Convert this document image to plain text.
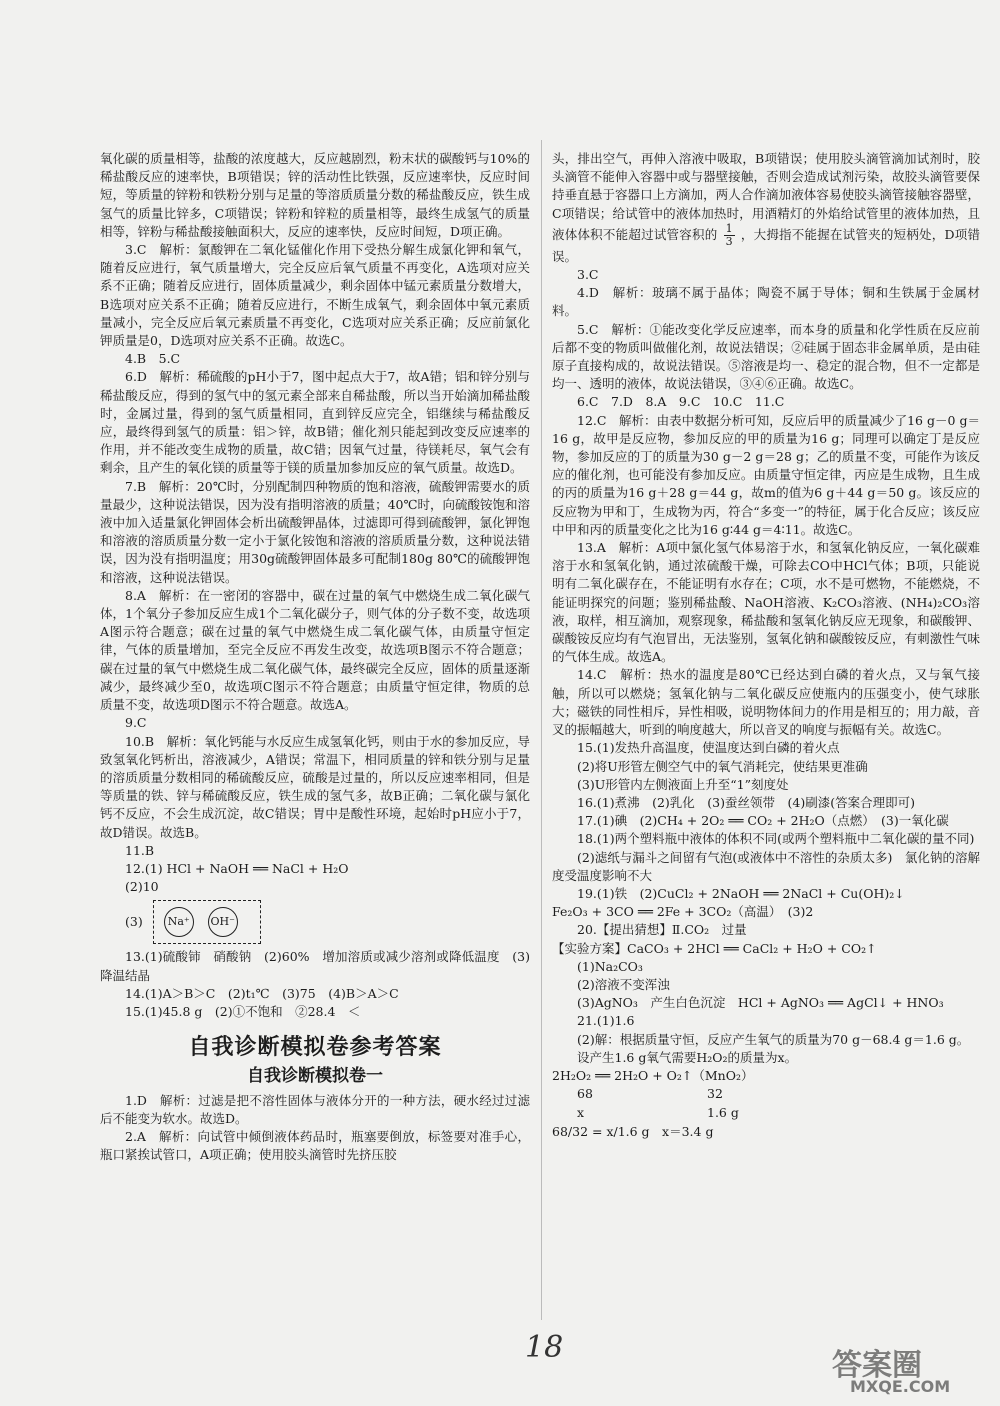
氧化碳的质量相等，盐酸的浓度越大，反应越剧烈，粉末状的碳酸钙与10%的稀盐酸反应的速率快，B项错误；锌的活动性比铁强，反应速率快，反应时间短，等质量的锌粉和铁粉分别与足量的等溶质质量分数的稀盐酸反应，铁生成氢气的质量比锌多，C项错误；锌粉和锌粒的质量相等，最终生成氢气的质量相等，锌粉与稀盐酸接触面积大，反应的速率快，反应时间短，D项正确。

3.C　解析：氯酸钾在二氧化锰催化作用下受热分解生成氯化钾和氧气，随着反应进行，氧气质量增大，完全反应后氧气质量不再变化，A选项对应关系不正确；随着反应进行，固体质量减少，剩余固体中锰元素质量分数增大，B选项对应关系不正确；随着反应进行，不断生成氧气，剩余固体中氧元素质量减小，完全反应后氧元素质量不再变化，C选项对应关系正确；反应前氯化钾质量是0，D选项对应关系不正确。故选C。

4.B　5.C

6.D　解析：稀硫酸的pH小于7，图中起点大于7，故A错；铝和锌分别与稀盐酸反应，得到的氢气中的氢元素全部来自稀盐酸，所以当开始滴加稀盐酸时，金属过量，得到的氢气质量相同，直到锌反应完全，铝继续与稀盐酸反应，最终得到氢气的质量：铝＞锌，故B错；催化剂只能起到改变反应速率的作用，并不能改变生成物的质量，故C错；因氧气过量，待镁耗尽，氧气会有剩余，且产生的氧化镁的质量等于镁的质量加参加反应的氧气质量。故选D。

7.B　解析：20℃时，分别配制四种物质的饱和溶液，硫酸钾需要水的质量最少，这种说法错误，因为没有指明溶液的质量；40℃时，向硫酸铵饱和溶液中加入适量氯化钾固体会析出硫酸钾晶体，过滤即可得到硫酸钾，氯化钾饱和溶液的溶质质量分数一定小于氯化铵饱和溶液的溶质质量分数，这种说法错误，因为没有指明温度；用30g硫酸钾固体最多可配制180g 80℃的硫酸钾饱和溶液，这种说法错误。

8.A　解析：在一密闭的容器中，碳在过量的氧气中燃烧生成二氧化碳气体，1个氧分子参加反应生成1个二氧化碳分子，则气体的分子数不变，故选项A图示符合题意；碳在过量的氧气中燃烧生成二氧化碳气体，由质量守恒定律，气体的质量增加，至完全反应不再发生改变，故选项B图示不符合题意；碳在过量的氧气中燃烧生成二氧化碳气体，最终碳完全反应，固体的质量逐渐减少，最终减少至0，故选项C图示不符合题意；由质量守恒定律，物质的总质量不变，故选项D图示不符合题意。故选A。

9.C

10.B　解析：氧化钙能与水反应生成氢氧化钙，则由于水的参加反应，导致氢氧化钙析出，溶液减少，A错误；常温下，相同质量的锌和铁分别与足量的溶质质量分数相同的稀硫酸反应，硫酸是过量的，所以反应速率相同，但是等质量的铁、锌与稀硫酸反应，铁生成的氢气多，故B正确；二氧化碳与氯化钙不反应，不会生成沉淀，故C错误；胃中是酸性环境，起始时pH应小于7，故D错误。故选B。

11.B

12.(1) HCl + NaOH ══ NaCl + H₂O

(2)10

(3)	Na⁺	OH⁻

13.(1)硫酸铈　硝酸钠　(2)60%　增加溶质或减少溶剂或降低温度　(3)降温结晶

14.(1)A＞B＞C　(2)t₁℃　(3)75　(4)B＞A＞C

15.(1)45.8 g　(2)①不饱和　②28.4　＜

自我诊断模拟卷参考答案
自我诊断模拟卷一

1.D　解析：过滤是把不溶性固体与液体分开的一种方法，硬水经过过滤后不能变为软水。故选D。

2.A　解析：向试管中倾倒液体药品时，瓶塞要倒放，标签要对准手心，瓶口紧挨试管口，A项正确；使用胶头滴管时先挤压胶

头，排出空气，再伸入溶液中吸取，B项错误；使用胶头滴管滴加试剂时，胶头滴管不能伸入容器中或与器壁接触，否则会造成试剂污染，故胶头滴管要保持垂直悬于容器口上方滴加，两人合作滴加液体容易使胶头滴管接触容器壁，C项错误；给试管中的液体加热时，用酒精灯的外焰给试管里的液体加热，且液体体积不能超过试管容积的 $\frac{1}{3}$ ，大拇指不能握在试管夹的短柄处，D项错误。

3.C

4.D　解析：玻璃不属于晶体；陶瓷不属于导体；铜和生铁属于金属材料。

5.C　解析：①能改变化学反应速率，而本身的质量和化学性质在反应前后都不变的物质叫做催化剂，故说法错误；②硅属于固态非金属单质，是由硅原子直接构成的，故说法错误。⑤溶液是均一、稳定的混合物，但不一定都是均一、透明的液体，故说法错误，③④⑥正确。故选C。

6.C　7.D　8.A　9.C　10.C　11.C

12.C　解析：由表中数据分析可知，反应后甲的质量减少了16 g－0 g＝16 g，故甲是反应物，参加反应的甲的质量为16 g；同理可以确定丁是反应物，参加反应的丁的质量为30 g－2 g＝28 g；乙的质量不变，可能作为该反应的催化剂，也可能没有参加反应。由质量守恒定律，丙应是生成物，且生成的丙的质量为16 g＋28 g＝44 g，故m的值为6 g＋44 g＝50 g。该反应的反应物为甲和丁，生成物为丙，符合“多变一”的特征，属于化合反应；该反应中甲和丙的质量变化之比为16 g∶44 g＝4∶11。故选C。

13.A　解析：A项中氯化氢气体易溶于水，和氢氧化钠反应，一氧化碳难溶于水和氢氧化钠，通过浓硫酸干燥，可除去CO中HCl气体；B项，只能说明有二氧化碳存在，不能证明有水存在；C项，水不是可燃物，不能燃烧，不能证明探究的问题；鉴别稀盐酸、NaOH溶液、K₂CO₃溶液、(NH₄)₂CO₃溶液，取样，相互滴加，观察现象，稀盐酸和氢氧化钠反应无现象，和碳酸钾、碳酸铵反应均有气泡冒出，无法鉴别，氢氧化钠和碳酸铵反应，有刺激性气味的气体生成。故选A。

14.C　解析：热水的温度是80℃已经达到白磷的着火点，又与氧气接触，所以可以燃烧；氢氧化钠与二氧化碳反应使瓶内的压强变小，使气球胀大；磁铁的同性相斥，异性相吸，说明物体间力的作用是相互的；用力敲，音叉的振幅越大，听到的响度越大，所以音叉的响度与振幅有关。故选C。

15.(1)发热升高温度，使温度达到白磷的着火点

(2)将U形管左侧空气中的氧气消耗完，使结果更准确

(3)U形管内左侧液面上升至“1”刻度处

16.(1)煮沸　(2)乳化　(3)蚕丝领带　(4)刷漆(答案合理即可)

17.(1)碘　(2)CH₄ + 2O₂ ══ CO₂ + 2H₂O（点燃）　(3)一氧化碳

18.(1)两个塑料瓶中液体的体积不同(或两个塑料瓶中二氧化碳的量不同)

(2)滤纸与漏斗之间留有气泡(或液体中不溶性的杂质太多)　氯化钠的溶解度受温度影响不大

19.(1)铁　(2)CuCl₂ + 2NaOH ══ 2NaCl + Cu(OH)₂↓

Fe₂O₃ + 3CO ══ 2Fe + 3CO₂（高温）　(3)2

20.【提出猜想】Ⅱ.CO₂　过量

【实验方案】CaCO₃ + 2HCl ══ CaCl₂ + H₂O + CO₂↑

(1)Na₂CO₃

(2)溶液不变浑浊

(3)AgNO₃　产生白色沉淀　HCl + AgNO₃ ══ AgCl↓ + HNO₃

21.(1)1.6

(2)解：根据质量守恒，反应产生氧气的质量为70 g－68.4 g＝1.6 g。

设产生1.6 g氧气需要H₂O₂的质量为x。

2H₂O₂ ══ 2H₂O + O₂↑（MnO₂）

68	32
x	1.6 g

68/32 = x/1.6 g　x＝3.4 g

18
答案圈
MXQE.COM
